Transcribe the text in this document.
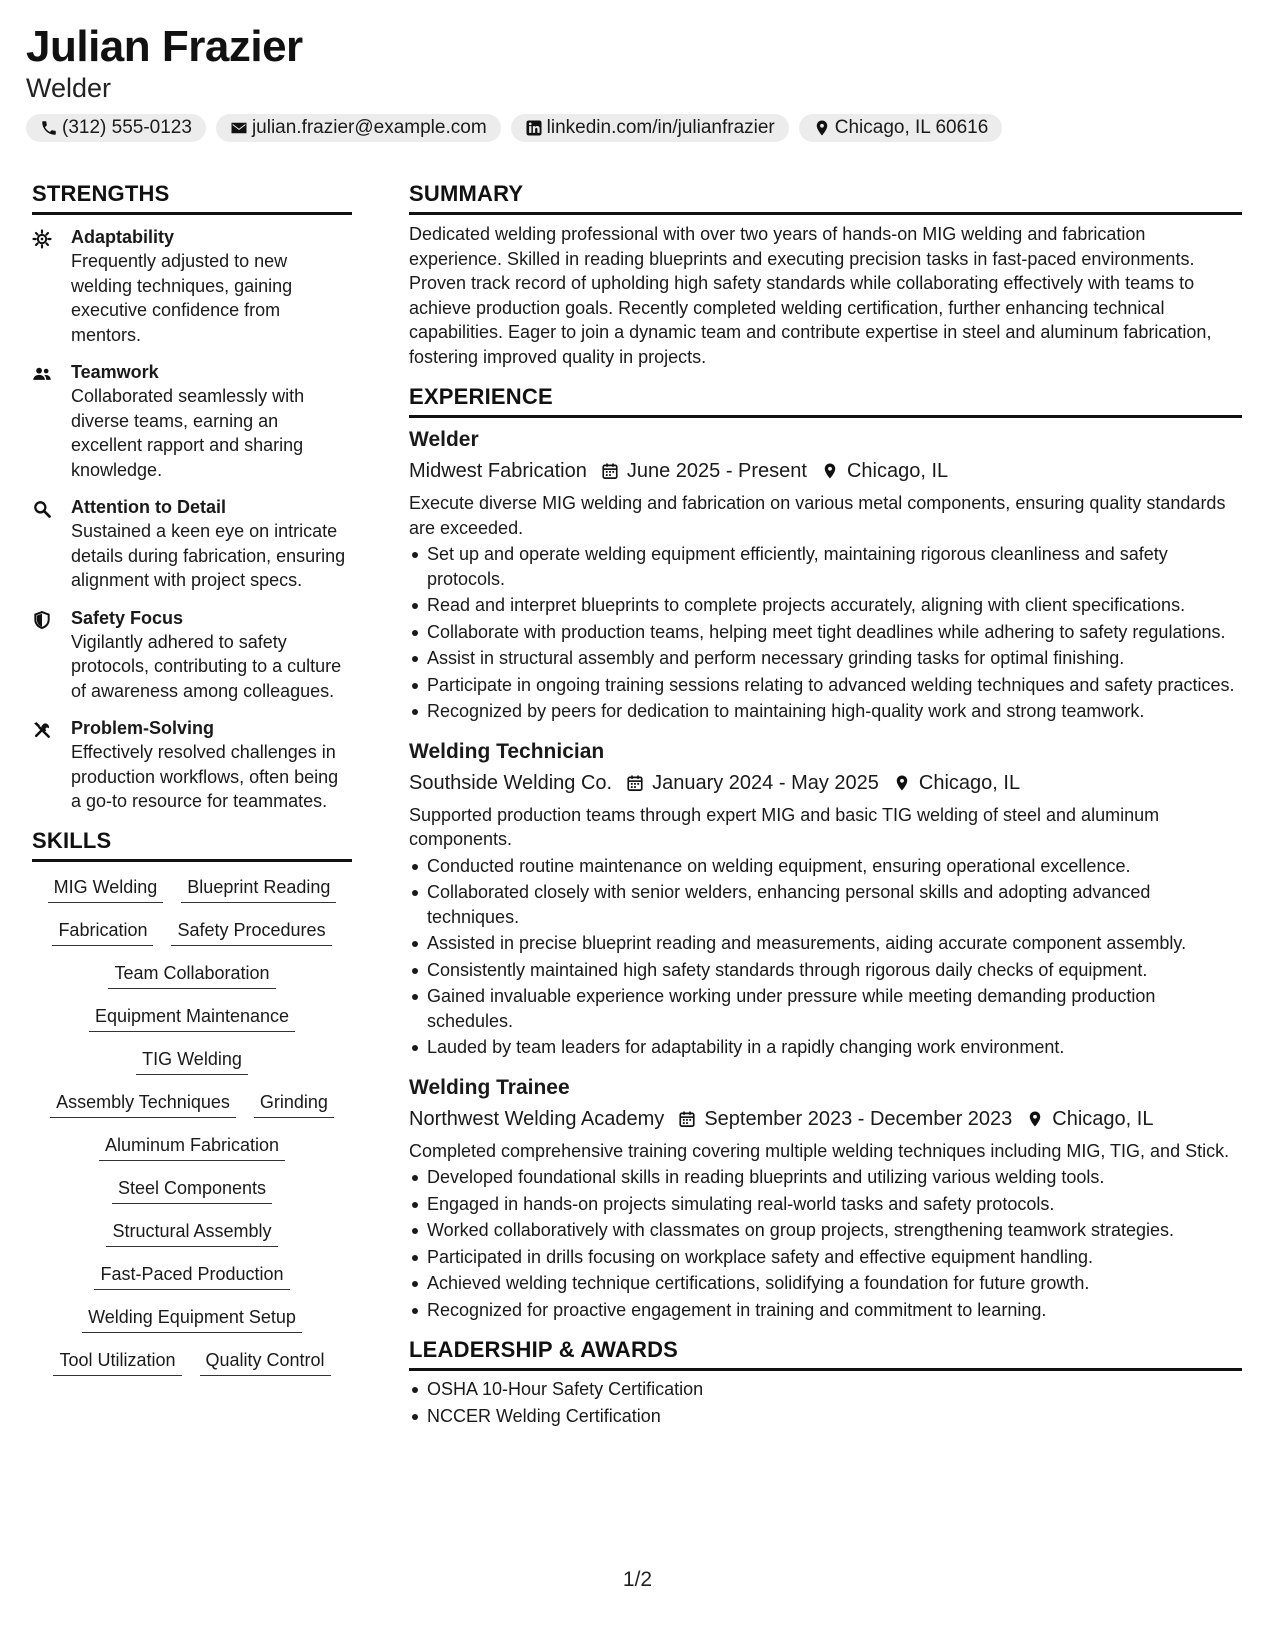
Julian Frazier
Welder
(312) 555-0123	julian.frazier@example.com	linkedin.com/in/julianfrazier	Chicago, IL 60616
STRENGTHS
Adaptability
Frequently adjusted to new welding techniques, gaining executive confidence from mentors.
Teamwork
Collaborated seamlessly with diverse teams, earning an excellent rapport and sharing knowledge.
Attention to Detail
Sustained a keen eye on intricate details during fabrication, ensuring alignment with project specs.
Safety Focus
Vigilantly adhered to safety protocols, contributing to a culture of awareness among colleagues.
Problem-Solving
Effectively resolved challenges in production workflows, often being a go-to resource for teammates.
SKILLS
MIG Welding	Blueprint Reading
Fabrication	Safety Procedures
Team Collaboration
Equipment Maintenance
TIG Welding
Assembly Techniques	Grinding
Aluminum Fabrication
Steel Components
Structural Assembly
Fast-Paced Production
Welding Equipment Setup
Tool Utilization	Quality Control
SUMMARY
Dedicated welding professional with over two years of hands-on MIG welding and fabrication experience. Skilled in reading blueprints and executing precision tasks in fast-paced environments. Proven track record of upholding high safety standards while collaborating effectively with teams to achieve production goals. Recently completed welding certification, further enhancing technical capabilities. Eager to join a dynamic team and contribute expertise in steel and aluminum fabrication, fostering improved quality in projects.
EXPERIENCE
Welder
Midwest Fabrication June 2025 - Present Chicago, IL
Execute diverse MIG welding and fabrication on various metal components, ensuring quality standards are exceeded.
Set up and operate welding equipment efficiently, maintaining rigorous cleanliness and safety protocols.
Read and interpret blueprints to complete projects accurately, aligning with client specifications.
Collaborate with production teams, helping meet tight deadlines while adhering to safety regulations.
Assist in structural assembly and perform necessary grinding tasks for optimal finishing.
Participate in ongoing training sessions relating to advanced welding techniques and safety practices.
Recognized by peers for dedication to maintaining high-quality work and strong teamwork.
Welding Technician
Southside Welding Co. January 2024 - May 2025 Chicago, IL
Supported production teams through expert MIG and basic TIG welding of steel and aluminum components.
Conducted routine maintenance on welding equipment, ensuring operational excellence.
Collaborated closely with senior welders, enhancing personal skills and adopting advanced techniques.
Assisted in precise blueprint reading and measurements, aiding accurate component assembly.
Consistently maintained high safety standards through rigorous daily checks of equipment.
Gained invaluable experience working under pressure while meeting demanding production schedules.
Lauded by team leaders for adaptability in a rapidly changing work environment.
Welding Trainee
Northwest Welding Academy September 2023 - December 2023 Chicago, IL
Completed comprehensive training covering multiple welding techniques including MIG, TIG, and Stick.
Developed foundational skills in reading blueprints and utilizing various welding tools.
Engaged in hands-on projects simulating real-world tasks and safety protocols.
Worked collaboratively with classmates on group projects, strengthening teamwork strategies.
Participated in drills focusing on workplace safety and effective equipment handling.
Achieved welding technique certifications, solidifying a foundation for future growth.
Recognized for proactive engagement in training and commitment to learning.
LEADERSHIP & AWARDS
OSHA 10-Hour Safety Certification
NCCER Welding Certification
1/2
